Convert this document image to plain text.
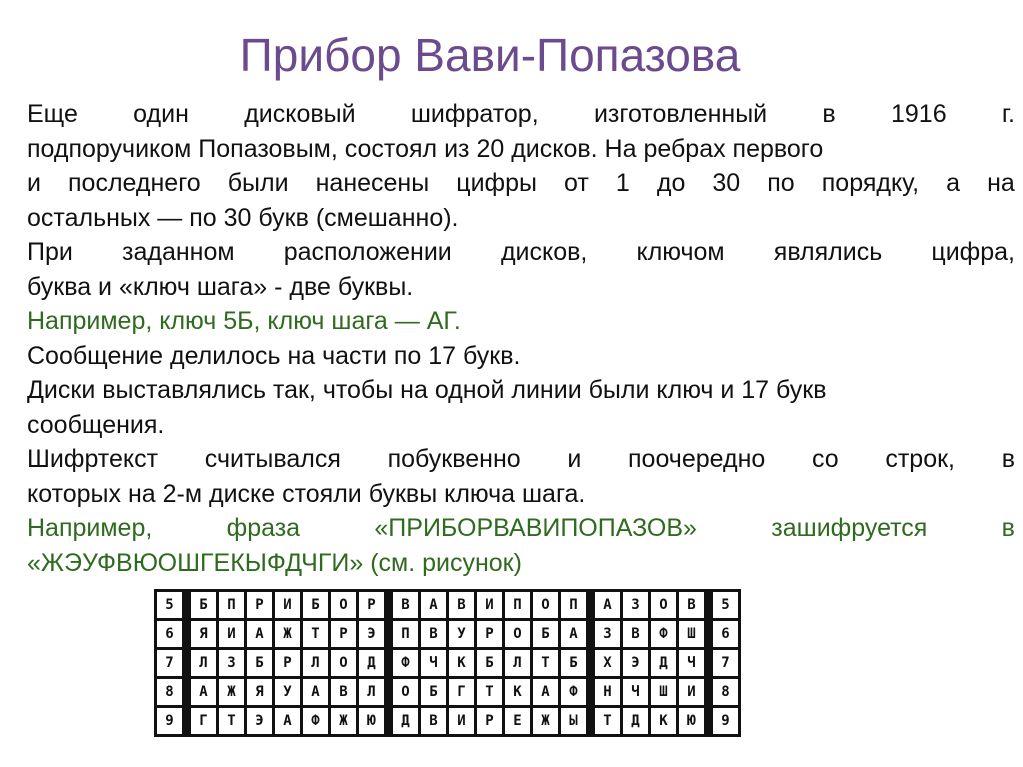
Прибор Вави-Попазова

Еще один дисковый шифратор, изготовленный в 1916 г.
подпоручиком Попазовым, состоял из 20 дисков. На ребрах первого
и последнего были нанесены цифры от 1 до 30 по порядку, а на
остальных — по 30 букв (смешанно).

При заданном расположении дисков, ключом являлись цифра,
буква и «ключ шага» - две буквы.

Например, ключ 5Б, ключ шага — АГ.

Сообщение делилось на части по 17 букв.

Диски выставлялись так, чтобы на одной линии были ключ и 17 букв
сообщения.

Шифртекст считывался побуквенно и поочередно со строк, в
которых на 2-м диске стояли буквы ключа шага.

Например,	фраза	«ПРИБОРВАВИПОПАЗОВ»	зашифруется	в
«ЖЭУФВЮОШГЕКЫФДЧГИ» (см. рисунок)

5	Б	П	Р	И	Б	О	Р	В	А	В	И	П	О	П	А	З	О	В	5
6	Я	И	А	Ж	Т	Р	Э	П	В	У	Р	О	Б	А	З	В	Ф	Ш	6
7	Л	З	Б	Р	Л	О	Д	Ф	Ч	К	Б	Л	Т	Б	Х	Э	Д	Ч	7
8	А	Ж	Я	У	А	В	Л	О	Б	Г	Т	К	А	Ф	Н	Ч	Ш	И	8
9	Г	Т	Э	А	Ф	Ж	Ю	Д	В	И	Р	Е	Ж	Ы	Т	Д	К	Ю	9
